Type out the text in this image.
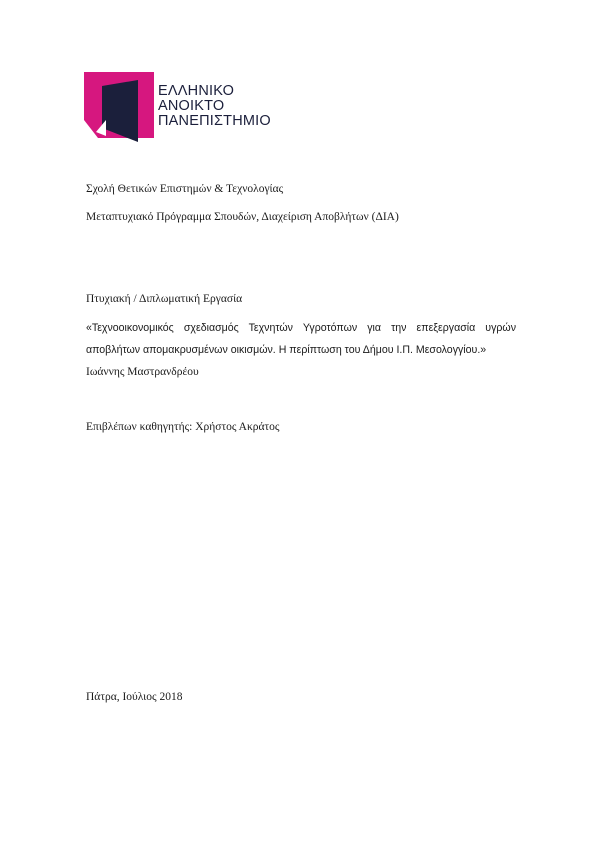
ΕΛΛΗΝΙΚΟ
ΑΝΟΙΚΤΟ
ΠΑΝΕΠΙΣΤΗΜΙΟ
Σχολή Θετικών Επιστημών & Τεχνολογίας
Μεταπτυχιακό Πρόγραμμα Σπουδών, Διαχείριση Αποβλήτων (ΔΙΑ)
Πτυχιακή / Διπλωματική Εργασία
«Τεχνοοικονομικός σχεδιασμός Τεχνητών Υγροτόπων για την επεξεργασία υγρών
αποβλήτων απομακρυσμένων οικισμών. Η περίπτωση του Δήμου Ι.Π. Μεσολογγίου.»
Ιωάννης Μαστρανδρέου
Επιβλέπων καθηγητής: Χρήστος Ακράτος
Πάτρα, Ιούλιος 2018
